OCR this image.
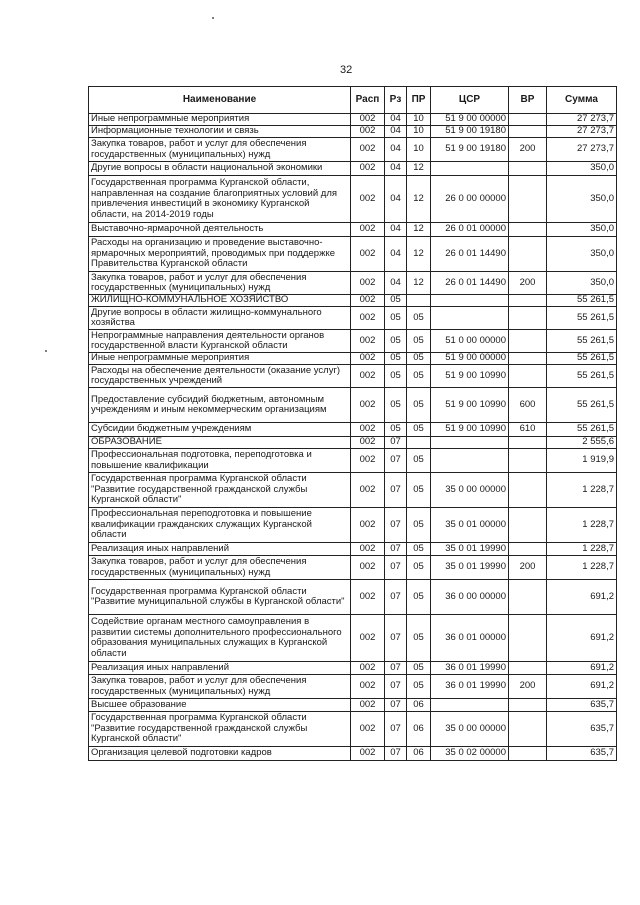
32
Наименование	Расп	Рз	ПР	ЦСР	ВР	Сумма
Иные непрограммные мероприятия	002	04	10	51 9 00 00000		27 273,7
Информационные технологии и связь	002	04	10	51 9 00 19180		27 273,7
Закупка товаров, работ и услуг для обеспечения государственных (муниципальных) нужд	002	04	10	51 9 00 19180	200	27 273,7
Другие вопросы в области национальной экономики	002	04	12			350,0
Государственная программа Курганской области, направленная на создание благоприятных условий для привлечения инвестиций в экономику Курганской области, на 2014-2019 годы	002	04	12	26 0 00 00000		350,0
Выставочно-ярмарочной деятельность	002	04	12	26 0 01 00000		350,0
Расходы на организацию и проведение выставочно-ярмарочных мероприятий, проводимых при поддержке Правительства Курганской области	002	04	12	26 0 01 14490		350,0
Закупка товаров, работ и услуг для обеспечения государственных (муниципальных) нужд	002	04	12	26 0 01 14490	200	350,0
ЖИЛИЩНО-КОММУНАЛЬНОЕ ХОЗЯЙСТВО	002	05				55 261,5
Другие вопросы в области жилищно-коммунального хозяйства	002	05	05			55 261,5
Непрограммные направления деятельности органов государственной власти Курганской области	002	05	05	51 0 00 00000		55 261,5
Иные непрограммные мероприятия	002	05	05	51 9 00 00000		55 261,5
Расходы на обеспечение деятельности (оказание услуг) государственных учреждений	002	05	05	51 9 00 10990		55 261,5
Предоставление субсидий бюджетным, автономным учреждениям и иным некоммерческим организациям	002	05	05	51 9 00 10990	600	55 261,5
Субсидии бюджетным учреждениям	002	05	05	51 9 00 10990	610	55 261,5
ОБРАЗОВАНИЕ	002	07				2 555,6
Профессиональная подготовка, переподготовка и повышение квалификации	002	07	05			1 919,9
Государственная программа Курганской области "Развитие государственной гражданской службы Курганской области"	002	07	05	35 0 00 00000		1 228,7
Профессиональная переподготовка и повышение квалификации гражданских служащих Курганской области	002	07	05	35 0 01 00000		1 228,7
Реализация иных направлений	002	07	05	35 0 01 19990		1 228,7
Закупка товаров, работ и услуг для обеспечения государственных (муниципальных) нужд	002	07	05	35 0 01 19990	200	1 228,7
Государственная программа Курганской области "Развитие муниципальной службы в Курганской области"	002	07	05	36 0 00 00000		691,2
Содействие органам местного самоуправления в развитии системы дополнительного профессионального образования муниципальных служащих в Курганской области	002	07	05	36 0 01 00000		691,2
Реализация иных направлений	002	07	05	36 0 01 19990		691,2
Закупка товаров, работ и услуг для обеспечения государственных (муниципальных) нужд	002	07	05	36 0 01 19990	200	691,2
Высшее образование	002	07	06			635,7
Государственная программа Курганской области "Развитие государственной гражданской службы Курганской области"	002	07	06	35 0 00 00000		635,7
Организация целевой подготовки кадров	002	07	06	35 0 02 00000		635,7
